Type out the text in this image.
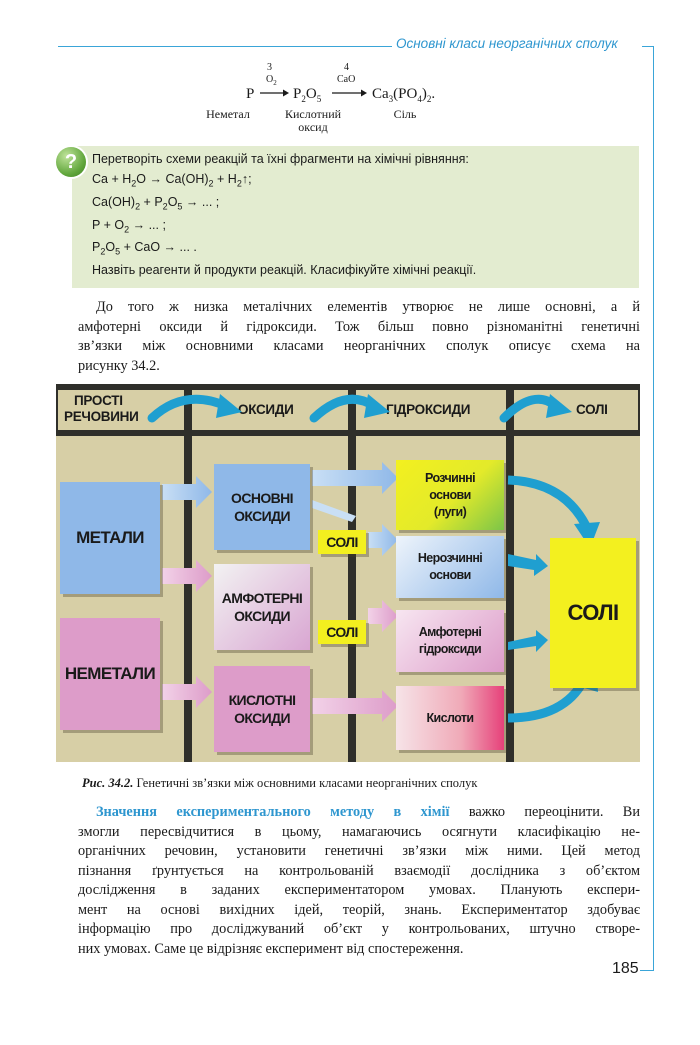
Основні класи неорганічних сполук
P
3
$O_2$
$P_2O_5$
4
CaO
$Ca_3(PO_4)_2$.
Неметал	Кислотний
оксид
Сіль
?	Перетворіть схеми реакцій та їхні фрагменти на хімічні рівняння:
$Ca + H_2O \to Ca(OH)_2$ + $H_2↑$;
$Ca(OH)_2 + P_2O_5$ → ... ;
$P + O_2$ → ... ;
$P_2O_5$ + CaO → ... .
Назвіть реагенти й продукти реакцій. Класифікуйте хімічні реакції.
До того ж низка металічних елементів утворює не лише основні, а й
амфотерні оксиди й гідроксиди. Тож більш повно різноманітні генетичні
зв’язки між основними класами неорганічних сполук описує схема на
рисунку 34.2.
ПРОСТІ
РЕЧОВИНИ	ОКСИДИ	ГІДРОКСИДИ	СОЛІ
МЕТАЛИ
НЕМЕТАЛИ
ОСНОВНІ
ОКСИДИ
АМФОТЕРНІ
ОКСИДИ
КИСЛОТНІ
ОКСИДИ
СОЛІ
СОЛІ
Розчинні
основи
(луги)
Нерозчинні
основи
Амфотерні
гідроксиди
Кислоти
СОЛІ
Рис. 34.2. Генетичні зв’язки між основними класами неорганічних сполук
Значення експериментального методу в хімії важко переоцінити. Ви
змогли пересвідчитися в цьому, намагаючись осягнути класифікацію не-
органічних речовин, установити генетичні зв’язки між ними. Цей метод
пізнання ґрунтується на контрольованій взаємодії дослідника з об’єктом
дослідження в заданих експериментатором умовах. Планують експери-
мент на основі вихідних ідей, теорій, знань. Експериментатор здобуває
інформацію про досліджуваний об’єкт у контрольованих, штучно створе-
них умовах. Саме це відрізняє експеримент від спостереження.
185
